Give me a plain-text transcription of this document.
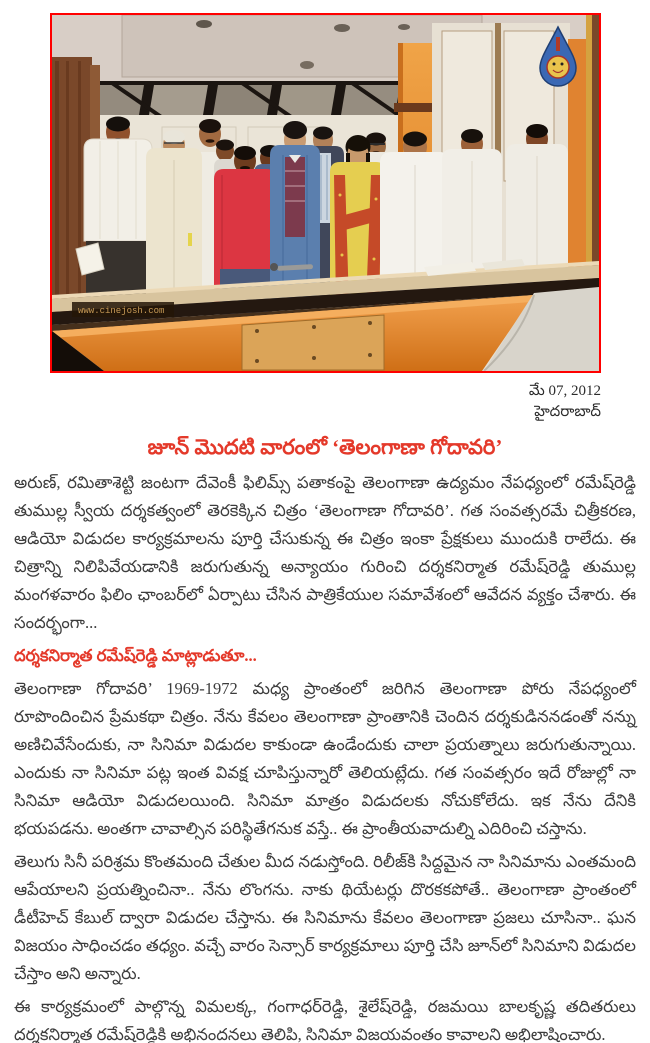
www.cinejosh.com
మే 07, 2012
హైదరాబాద్
జూన్ మొదటి వారంలో ‘తెలంగాణా గోదావరి’

అరుణ్, రమితాశెట్టి జంటగా దేవెంకీ ఫిలిమ్స్ పతాకంపై తెలంగాణా ఉద్యమం నేపధ్యంలో రమేష్‌రెడ్డి తుముల్ల స్వీయ దర్శకత్వంలో తెరకెక్కిన చిత్రం ‘తెలంగాణా గోదావరి’. గత సంవత్సరమే చిత్రీకరణ, ఆడియో విడుదల కార్యక్రమాలను పూర్తి చేసుకున్న ఈ చిత్రం ఇంకా ప్రేక్షకులు ముందుకి రాలేదు. ఈ చిత్రాన్ని నిలిపివేయడానికి జరుగుతున్న అన్యాయం గురించి దర్శకనిర్మాత రమేష్‌రెడ్డి తుముల్ల మంగళవారం ఫిలిం ఛాంబర్‌లో ఏర్పాటు చేసిన పాత్రికేయుల సమావేశంలో ఆవేదన వ్యక్తం చేశారు. ఈ సందర్భంగా...

దర్శకనిర్మాత రమేష్‌రెడ్డి మాట్లాడుతూ...

తెలంగాణా గోదావరి’ 1969-1972 మధ్య ప్రాంతంలో జరిగిన తెలంగాణా పోరు నేపధ్యంలో రూపొందించిన ప్రేమకథా చిత్రం. నేను కేవలం తెలంగాణా ప్రాంతానికి చెందిన దర్శకుడిననడంతో నన్ను అణిచివేసేందుకు, నా సినిమా విడుదల కాకుండా ఉండేందుకు చాలా ప్రయత్నాలు జరుగుతున్నాయి. ఎందుకు నా సినిమా పట్ల ఇంత వివక్ష చూపిస్తున్నారో తెలియట్లేదు. గత సంవత్సరం ఇదే రోజుల్లో నా సినిమా ఆడియో విడుదలయింది. సినిమా మాత్రం విడుదలకు నోచుకోలేదు. ఇక నేను దేనికి భయపడను. అంతగా చావాల్సిన పరిస్థితేగనుక వస్తే.. ఈ ప్రాంతీయవాదుల్ని ఎదిరించి చస్తాను.

తెలుగు సినీ పరిశ్రమ కొంతమంది చేతుల మీద నడుస్తోంది. రిలీజ్‌కి సిద్దమైన నా సినిమాను ఎంతమంది ఆపేయాలని ప్రయత్నించినా.. నేను లొంగను. నాకు థియేటర్లు దొరకకపోతే.. తెలంగాణా ప్రాంతంలో డీటీహెచ్ కేబుల్ ద్వారా విడుదల చేస్తాను. ఈ సినిమాను కేవలం తెలంగాణా ప్రజలు చూసినా.. ఘన విజయం సాధించడం తధ్యం. వచ్చే వారం సెన్సార్ కార్యక్రమాలు పూర్తి చేసి జూన్‌లో సినిమాని విడుదల చేస్తాం అని అన్నారు.

ఈ కార్యక్రమంలో పాల్గొన్న విమలక్క, గంగాధర్‌రెడ్డి, శైలేష్‌రెడ్డి, రజమయి బాలకృష్ణ తదితరులు దర్శకనిర్మాత రమేష్‌రెడ్డికి అభినందనలు తెలిపి, సినిమా విజయవంతం కావాలని అభిలాషించారు.
